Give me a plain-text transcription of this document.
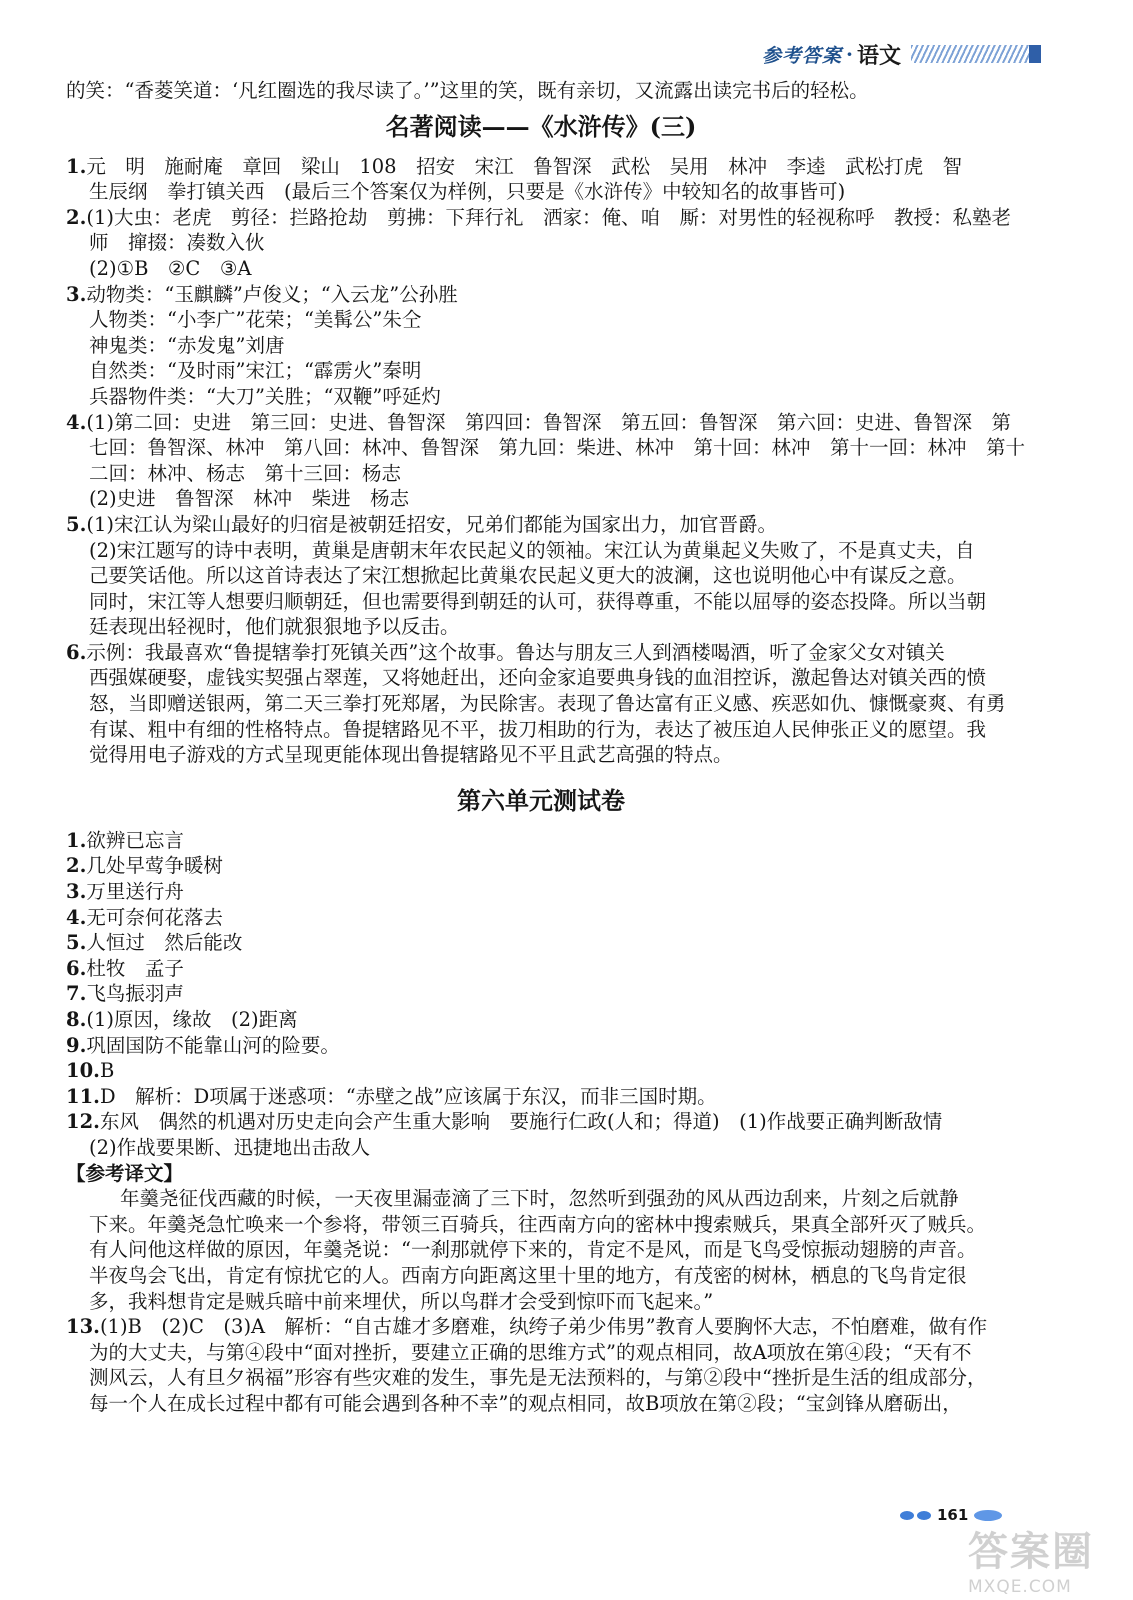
参考答案 · 语文
的笑：“香菱笑道：‘凡红圈选的我尽读了。’”这里的笑，既有亲切，又流露出读完书后的轻松。
名著阅读——《水浒传》(三)
1.元　明　施耐庵　章回　梁山　108　招安　宋江　鲁智深　武松　吴用　林冲　李逵　武松打虎　智
生辰纲　拳打镇关西　(最后三个答案仅为样例，只要是《水浒传》中较知名的故事皆可)
2.(1)大虫：老虎　剪径：拦路抢劫　剪拂：下拜行礼　洒家：俺、咱　厮：对男性的轻视称呼　教授：私塾老
师　撺掇：凑数入伙
(2)①B　②C　③A
3.动物类：“玉麒麟”卢俊义；“入云龙”公孙胜
人物类：“小李广”花荣；“美髯公”朱仝
神鬼类：“赤发鬼”刘唐
自然类：“及时雨”宋江；“霹雳火”秦明
兵器物件类：“大刀”关胜；“双鞭”呼延灼
4.(1)第二回：史进　第三回：史进、鲁智深　第四回：鲁智深　第五回：鲁智深　第六回：史进、鲁智深　第
七回：鲁智深、林冲　第八回：林冲、鲁智深　第九回：柴进、林冲　第十回：林冲　第十一回：林冲　第十
二回：林冲、杨志　第十三回：杨志
(2)史进　鲁智深　林冲　柴进　杨志
5.(1)宋江认为梁山最好的归宿是被朝廷招安，兄弟们都能为国家出力，加官晋爵。
(2)宋江题写的诗中表明，黄巢是唐朝末年农民起义的领袖。宋江认为黄巢起义失败了，不是真丈夫，自
己要笑话他。所以这首诗表达了宋江想掀起比黄巢农民起义更大的波澜，这也说明他心中有谋反之意。
同时，宋江等人想要归顺朝廷，但也需要得到朝廷的认可，获得尊重，不能以屈辱的姿态投降。所以当朝
廷表现出轻视时，他们就狠狠地予以反击。
6.示例：我最喜欢“鲁提辖拳打死镇关西”这个故事。鲁达与朋友三人到酒楼喝酒，听了金家父女对镇关
西强媒硬娶，虚钱实契强占翠莲，又将她赶出，还向金家追要典身钱的血泪控诉，激起鲁达对镇关西的愤
怒，当即赠送银两，第二天三拳打死郑屠，为民除害。表现了鲁达富有正义感、疾恶如仇、慷慨豪爽、有勇
有谋、粗中有细的性格特点。鲁提辖路见不平，拔刀相助的行为，表达了被压迫人民伸张正义的愿望。我
觉得用电子游戏的方式呈现更能体现出鲁提辖路见不平且武艺高强的特点。
第六单元测试卷
1.欲辨已忘言
2.几处早莺争暖树
3.万里送行舟
4.无可奈何花落去
5.人恒过　然后能改
6.杜牧　孟子
7.飞鸟振羽声
8.(1)原因，缘故　(2)距离
9.巩固国防不能靠山河的险要。
10.B
11.D　解析：D项属于迷惑项：“赤壁之战”应该属于东汉，而非三国时期。
12.东风　偶然的机遇对历史走向会产生重大影响　要施行仁政(人和；得道)　(1)作战要正确判断敌情
(2)作战要果断、迅捷地出击敌人
【参考译文】
年羹尧征伐西藏的时候，一天夜里漏壶滴了三下时，忽然听到强劲的风从西边刮来，片刻之后就静
下来。年羹尧急忙唤来一个参将，带领三百骑兵，往西南方向的密林中搜索贼兵，果真全部歼灭了贼兵。
有人问他这样做的原因，年羹尧说：“一刹那就停下来的，肯定不是风，而是飞鸟受惊振动翅膀的声音。
半夜鸟会飞出，肯定有惊扰它的人。西南方向距离这里十里的地方，有茂密的树林，栖息的飞鸟肯定很
多，我料想肯定是贼兵暗中前来埋伏，所以鸟群才会受到惊吓而飞起来。”
13.(1)B　(2)C　(3)A　解析：“自古雄才多磨难，纨绔子弟少伟男”教育人要胸怀大志，不怕磨难，做有作
为的大丈夫，与第④段中“面对挫折，要建立正确的思维方式”的观点相同，故A项放在第④段；“天有不
测风云，人有旦夕祸福”形容有些灾难的发生，事先是无法预料的，与第②段中“挫折是生活的组成部分，
每一个人在成长过程中都有可能会遇到各种不幸”的观点相同，故B项放在第②段；“宝剑锋从磨砺出，
161
答案圈
MXQE.COM
